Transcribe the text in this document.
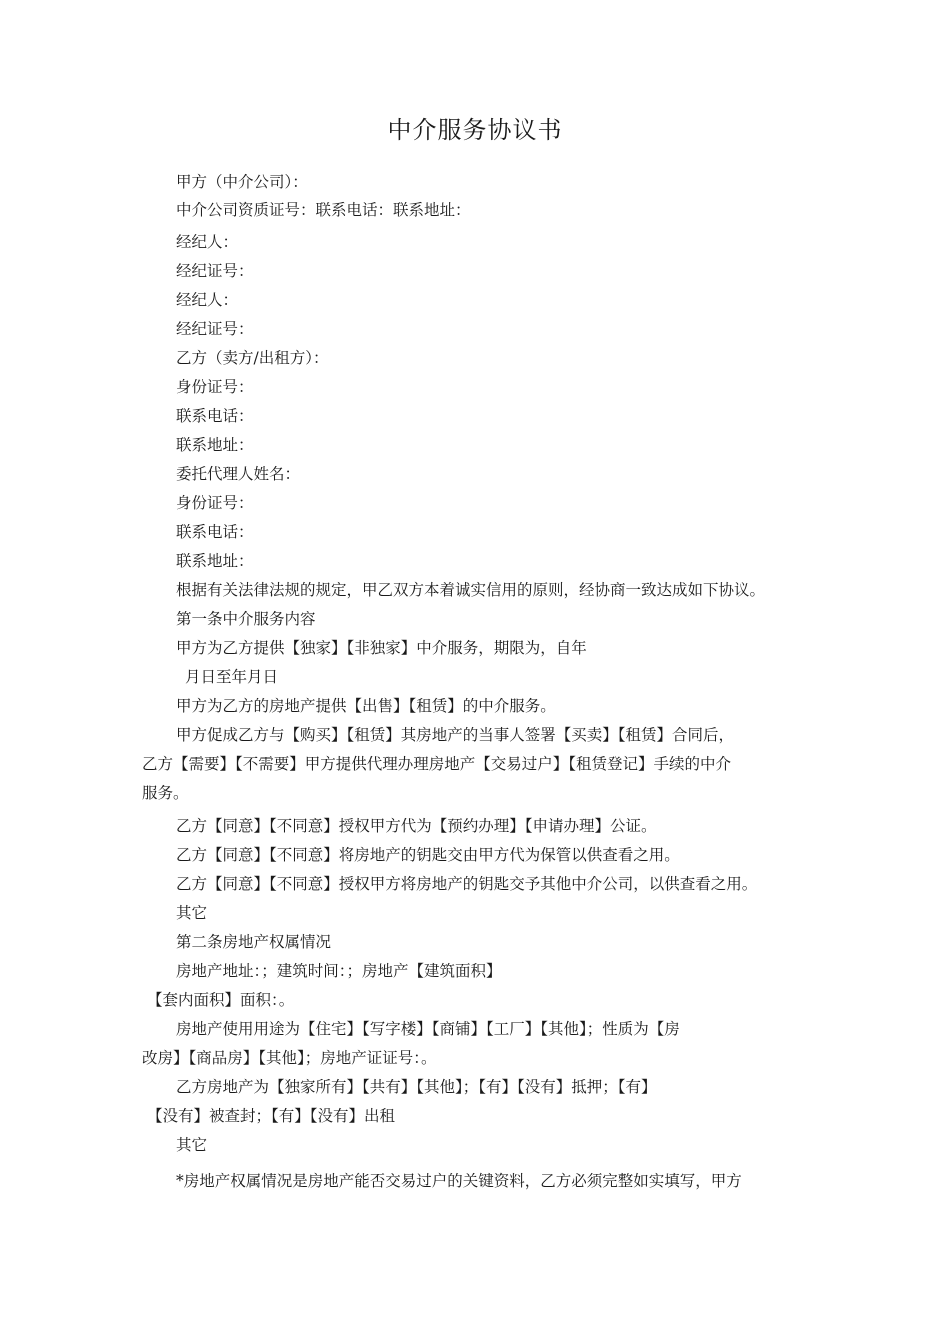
中介服务协议书
甲方（中介公司）：
中介公司资质证号：联系电话：联系地址：
经纪人：
经纪证号：
经纪人：
经纪证号：
乙方（卖方/出租方）：
身份证号：
联系电话：
联系地址：
委托代理人姓名：
身份证号：
联系电话：
联系地址：
根据有关法律法规的规定，甲乙双方本着诚实信用的原则，经协商一致达成如下协议。
第一条中介服务内容
甲方为乙方提供【独家】【非独家】中介服务，期限为，自年
月日至年月日
甲方为乙方的房地产提供【出售】【租赁】的中介服务。
甲方促成乙方与【购买】【租赁】其房地产的当事人签署【买卖】【租赁】合同后，
乙方【需要】【不需要】甲方提供代理办理房地产【交易过户】【租赁登记】手续的中介
服务。
乙方【同意】【不同意】授权甲方代为【预约办理】【申请办理】公证。
乙方【同意】【不同意】将房地产的钥匙交由甲方代为保管以供查看之用。
乙方【同意】【不同意】授权甲方将房地产的钥匙交予其他中介公司，以供查看之用。
其它
第二条房地产权属情况
房地产地址：；建筑时间：；房地产【建筑面积】
【套内面积】面积：。
房地产使用用途为【住宅】【写字楼】【商铺】【工厂】【其他】；性质为【房
改房】【商品房】【其他】；房地产证证号：。
乙方房地产为【独家所有】【共有】【其他】；【有】【没有】抵押；【有】
【没有】被查封；【有】【没有】出租
其它
*房地产权属情况是房地产能否交易过户的关键资料，乙方必须完整如实填写，甲方
